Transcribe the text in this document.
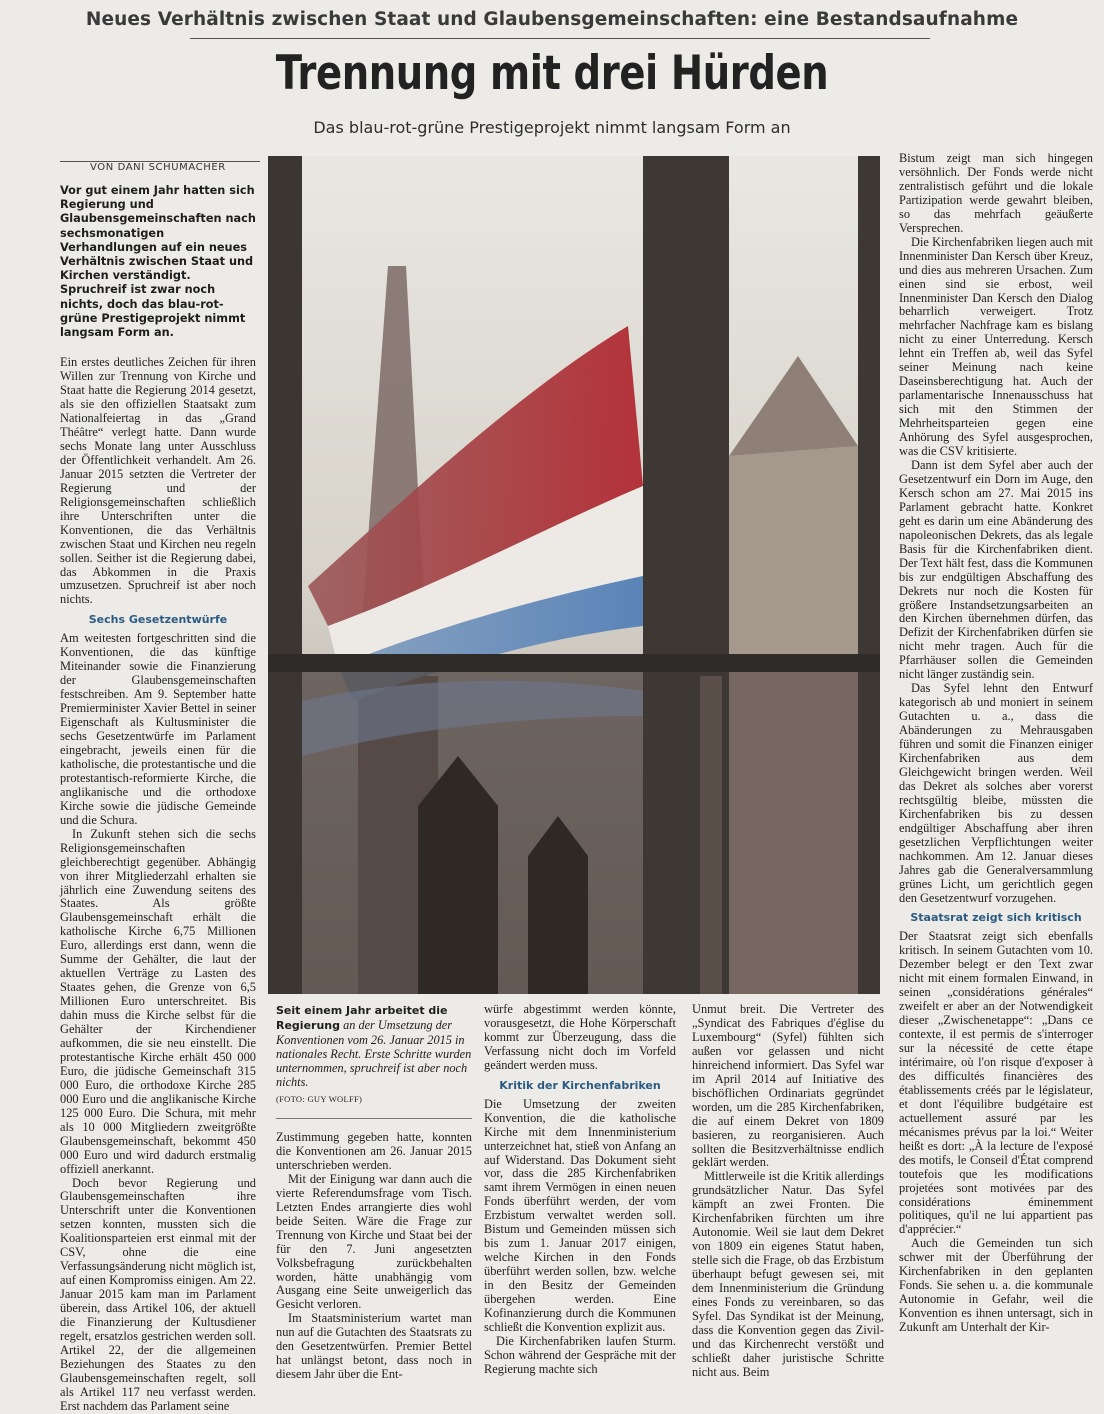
Neues Verhältnis zwischen Staat und Glaubensgemeinschaften: eine Bestandsaufnahme
Trennung mit drei Hürden
Das blau-rot-grüne Prestigeprojekt nimmt langsam Form an
VON DANI SCHUMACHER
Vor gut einem Jahr hatten sich Regierung und Glaubensgemeinschaften nach sechsmonatigen Verhandlungen auf ein neues Verhältnis zwischen Staat und Kirchen verständigt. Spruchreif ist zwar noch nichts, doch das blau-rot-grüne Prestigeprojekt nimmt langsam Form an.

Ein erstes deutliches Zeichen für ihren Willen zur Trennung von Kirche und Staat hatte die Regierung 2014 gesetzt, als sie den offiziellen Staatsakt zum Nationalfeiertag in das „Grand Théâtre“ verlegt hatte. Dann wurde sechs Monate lang unter Ausschluss der Öffentlichkeit verhandelt. Am 26. Januar 2015 setzten die Vertreter der Regierung und der Religionsgemeinschaften schließlich ihre Unterschriften unter die Konventionen, die das Verhältnis zwischen Staat und Kirchen neu regeln sollen. Seither ist die Regierung dabei, das Abkommen in die Praxis umzusetzen. Spruchreif ist aber noch nichts.

Sechs Gesetzentwürfe

Am weitesten fortgeschritten sind die Konventionen, die das künftige Miteinander sowie die Finanzierung der Glaubensgemeinschaften festschreiben. Am 9. September hatte Premierminister Xavier Bettel in seiner Eigenschaft als Kultusminister die sechs Gesetzentwürfe im Parlament eingebracht, jeweils einen für die katholische, die protestantische und die protestantisch-reformierte Kirche, die anglikanische und die orthodoxe Kirche sowie die jüdische Gemeinde und die Schura.

In Zukunft stehen sich die sechs Religionsgemeinschaften gleichberechtigt gegenüber. Abhängig von ihrer Mitgliederzahl erhalten sie jährlich eine Zuwendung seitens des Staates. Als größte Glaubensgemeinschaft erhält die katholische Kirche 6,75 Millionen Euro, allerdings erst dann, wenn die Summe der Gehälter, die laut der aktuellen Verträge zu Lasten des Staates gehen, die Grenze von 6,5 Millionen Euro unterschreitet. Bis dahin muss die Kirche selbst für die Gehälter der Kirchendiener aufkommen, die sie neu einstellt. Die protestantische Kirche erhält 450 000 Euro, die jüdische Gemeinschaft 315 000 Euro, die orthodoxe Kirche 285 000 Euro und die anglikanische Kirche 125 000 Euro. Die Schura, mit mehr als 10 000 Mitgliedern zweitgrößte Glaubensgemeinschaft, bekommt 450 000 Euro und wird dadurch erstmalig offiziell anerkannt.

Doch bevor Regierung und Glaubensgemeinschaften ihre Unterschrift unter die Konventionen setzen konnten, mussten sich die Koalitionsparteien erst einmal mit der CSV, ohne die eine Verfassungsänderung nicht möglich ist, auf einen Kompromiss einigen. Am 22. Januar 2015 kam man im Parlament überein, dass Artikel 106, der aktuell die Finanzierung der Kultusdiener regelt, ersatzlos gestrichen werden soll. Artikel 22, der die allgemeinen Beziehungen des Staates zu den Glaubensgemeinschaften regelt, soll als Artikel 117 neu verfasst werden. Erst nachdem das Parlament seine

Seit einem Jahr arbeitet die Regierung an der Umsetzung der Konventionen vom 26. Januar 2015 in nationales Recht. Erste Schritte wurden unternommen, spruchreif ist aber noch nichts.
(FOTO: GUY WOLFF)

Zustimmung gegeben hatte, konnten die Konventionen am 26. Januar 2015 unterschrieben werden.

Mit der Einigung war dann auch die vierte Referendumsfrage vom Tisch. Letzten Endes arrangierte dies wohl beide Seiten. Wäre die Frage zur Trennung von Kirche und Staat bei der für den 7. Juni angesetzten Volksbefragung zurückbehalten worden, hätte unabhängig vom Ausgang eine Seite unweigerlich das Gesicht verloren.

Im Staatsministerium wartet man nun auf die Gutachten des Staatsrats zu den Gesetzentwürfen. Premier Bettel hat unlängst betont, dass noch in diesem Jahr über die Ent-

würfe abgestimmt werden könnte, vorausgesetzt, die Hohe Körperschaft kommt zur Überzeugung, dass die Verfassung nicht doch im Vorfeld geändert werden muss.

Kritik der Kirchenfabriken

Die Umsetzung der zweiten Konvention, die die katholische Kirche mit dem Innenministerium unterzeichnet hat, stieß von Anfang an auf Widerstand. Das Dokument sieht vor, dass die 285 Kirchenfabriken samt ihrem Vermögen in einen neuen Fonds überführt werden, der vom Erzbistum verwaltet werden soll. Bistum und Gemeinden müssen sich bis zum 1. Januar 2017 einigen, welche Kirchen in den Fonds überführt werden sollen, bzw. welche in den Besitz der Gemeinden übergehen werden. Eine Kofinanzierung durch die Kommunen schließt die Konvention explizit aus.

Die Kirchenfabriken laufen Sturm. Schon während der Gespräche mit der Regierung machte sich

Unmut breit. Die Vertreter des „Syndicat des Fabriques d'église du Luxembourg“ (Syfel) fühlten sich außen vor gelassen und nicht hinreichend informiert. Das Syfel war im April 2014 auf Initiative des bischöflichen Ordinariats gegründet worden, um die 285 Kirchenfabriken, die auf einem Dekret von 1809 basieren, zu reorganisieren. Auch sollten die Besitzverhältnisse endlich geklärt werden.

Mittlerweile ist die Kritik allerdings grundsätzlicher Natur. Das Syfel kämpft an zwei Fronten. Die Kirchenfabriken fürchten um ihre Autonomie. Weil sie laut dem Dekret von 1809 ein eigenes Statut haben, stelle sich die Frage, ob das Erzbistum überhaupt befugt gewesen sei, mit dem Innenministerium die Gründung eines Fonds zu vereinbaren, so das Syfel. Das Syndikat ist der Meinung, dass die Konvention gegen das Zivil- und das Kirchenrecht verstößt und schließt daher juristische Schritte nicht aus. Beim

Bistum zeigt man sich hingegen versöhnlich. Der Fonds werde nicht zentralistisch geführt und die lokale Partizipation werde gewahrt bleiben, so das mehrfach geäußerte Versprechen.

Die Kirchenfabriken liegen auch mit Innenminister Dan Kersch über Kreuz, und dies aus mehreren Ursachen. Zum einen sind sie erbost, weil Innenminister Dan Kersch den Dialog beharrlich verweigert. Trotz mehrfacher Nachfrage kam es bislang nicht zu einer Unterredung. Kersch lehnt ein Treffen ab, weil das Syfel seiner Meinung nach keine Daseinsberechtigung hat. Auch der parlamentarische Innenausschuss hat sich mit den Stimmen der Mehrheitsparteien gegen eine Anhörung des Syfel ausgesprochen, was die CSV kritisierte.

Dann ist dem Syfel aber auch der Gesetzentwurf ein Dorn im Auge, den Kersch schon am 27. Mai 2015 ins Parlament gebracht hatte. Konkret geht es darin um eine Abänderung des napoleonischen Dekrets, das als legale Basis für die Kirchenfabriken dient. Der Text hält fest, dass die Kommunen bis zur endgültigen Abschaffung des Dekrets nur noch die Kosten für größere Instandsetzungsarbeiten an den Kirchen übernehmen dürfen, das Defizit der Kirchenfabriken dürfen sie nicht mehr tragen. Auch für die Pfarrhäuser sollen die Gemeinden nicht länger zuständig sein.

Das Syfel lehnt den Entwurf kategorisch ab und moniert in seinem Gutachten u. a., dass die Abänderungen zu Mehrausgaben führen und somit die Finanzen einiger Kirchenfabriken aus dem Gleichgewicht bringen werden. Weil das Dekret als solches aber vorerst rechtsgültig bleibe, müssten die Kirchenfabriken bis zu dessen endgültiger Abschaffung aber ihren gesetzlichen Verpflichtungen weiter nachkommen. Am 12. Januar dieses Jahres gab die Generalversammlung grünes Licht, um gerichtlich gegen den Gesetzentwurf vorzugehen.

Staatsrat zeigt sich kritisch

Der Staatsrat zeigt sich ebenfalls kritisch. In seinem Gutachten vom 10. Dezember belegt er den Text zwar nicht mit einem formalen Einwand, in seinen „considérations générales“ zweifelt er aber an der Notwendigkeit dieser „Zwischenetappe“: „Dans ce contexte, il est permis de s'interroger sur la nécessité de cette étape intérimaire, où l'on risque d'exposer à des difficultés financières des établissements créés par le législateur, et dont l'équilibre budgétaire est actuellement assuré par les mécanismes prévus par la loi.“ Weiter heißt es dort: „À la lecture de l'exposé des motifs, le Conseil d'État comprend toutefois que les modifications projetées sont motivées par des considérations éminemment politiques, qu'il ne lui appartient pas d'apprécier.“

Auch die Gemeinden tun sich schwer mit der Überführung der Kirchenfabriken in den geplanten Fonds. Sie sehen u. a. die kommunale Autonomie in Gefahr, weil die Konvention es ihnen untersagt, sich in Zukunft am Unterhalt der Kir-
